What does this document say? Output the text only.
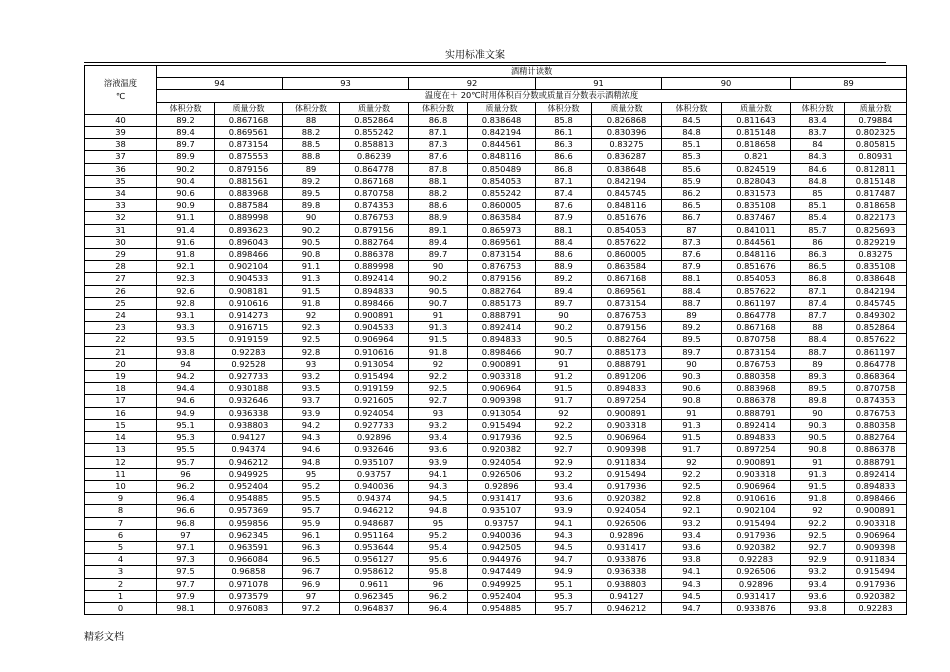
实用标准文案
溶液温度
℃	酒精计读数											
	94		93		92		91		90		89	
	温度在＋ 20℃时用体积百分数或质量百分数表示酒精浓度											
	体积分数	质量分数	体积分数	质量分数	体积分数	质量分数	体积分数	质量分数	体积分数	质量分数	体积分数	质量分数
40	89.2	0.867168	88	0.852864	86.8	0.838648	85.8	0.826868	84.5	0.811643	83.4	0.79884
39	89.4	0.869561	88.2	0.855242	87.1	0.842194	86.1	0.830396	84.8	0.815148	83.7	0.802325
38	89.7	0.873154	88.5	0.858813	87.3	0.844561	86.3	0.83275	85.1	0.818658	84	0.805815
37	89.9	0.875553	88.8	0.86239	87.6	0.848116	86.6	0.836287	85.3	0.821	84.3	0.80931
36	90.2	0.879156	89	0.864778	87.8	0.850489	86.8	0.838648	85.6	0.824519	84.6	0.812811
35	90.4	0.881561	89.2	0.867168	88.1	0.854053	87.1	0.842194	85.9	0.828043	84.8	0.815148
34	90.6	0.883968	89.5	0.870758	88.2	0.855242	87.4	0.845745	86.2	0.831573	85	0.817487
33	90.9	0.887584	89.8	0.874353	88.6	0.860005	87.6	0.848116	86.5	0.835108	85.1	0.818658
32	91.1	0.889998	90	0.876753	88.9	0.863584	87.9	0.851676	86.7	0.837467	85.4	0.822173
31	91.4	0.893623	90.2	0.879156	89.1	0.865973	88.1	0.854053	87	0.841011	85.7	0.825693
30	91.6	0.896043	90.5	0.882764	89.4	0.869561	88.4	0.857622	87.3	0.844561	86	0.829219
29	91.8	0.898466	90.8	0.886378	89.7	0.873154	88.6	0.860005	87.6	0.848116	86.3	0.83275
28	92.1	0.902104	91.1	0.889998	90	0.876753	88.9	0.863584	87.9	0.851676	86.5	0.835108
27	92.3	0.904533	91.3	0.892414	90.2	0.879156	89.2	0.867168	88.1	0.854053	86.8	0.838648
26	92.6	0.908181	91.5	0.894833	90.5	0.882764	89.4	0.869561	88.4	0.857622	87.1	0.842194
25	92.8	0.910616	91.8	0.898466	90.7	0.885173	89.7	0.873154	88.7	0.861197	87.4	0.845745
24	93.1	0.914273	92	0.900891	91	0.888791	90	0.876753	89	0.864778	87.7	0.849302
23	93.3	0.916715	92.3	0.904533	91.3	0.892414	90.2	0.879156	89.2	0.867168	88	0.852864
22	93.5	0.919159	92.5	0.906964	91.5	0.894833	90.5	0.882764	89.5	0.870758	88.4	0.857622
21	93.8	0.92283	92.8	0.910616	91.8	0.898466	90.7	0.885173	89.7	0.873154	88.7	0.861197
20	94	0.92528	93	0.913054	92	0.900891	91	0.888791	90	0.876753	89	0.864778
19	94.2	0.927733	93.2	0.915494	92.2	0.903318	91.2	0.891206	90.3	0.880358	89.3	0.868364
18	94.4	0.930188	93.5	0.919159	92.5	0.906964	91.5	0.894833	90.6	0.883968	89.5	0.870758
17	94.6	0.932646	93.7	0.921605	92.7	0.909398	91.7	0.897254	90.8	0.886378	89.8	0.874353
16	94.9	0.936338	93.9	0.924054	93	0.913054	92	0.900891	91	0.888791	90	0.876753
15	95.1	0.938803	94.2	0.927733	93.2	0.915494	92.2	0.903318	91.3	0.892414	90.3	0.880358
14	95.3	0.94127	94.3	0.92896	93.4	0.917936	92.5	0.906964	91.5	0.894833	90.5	0.882764
13	95.5	0.94374	94.6	0.932646	93.6	0.920382	92.7	0.909398	91.7	0.897254	90.8	0.886378
12	95.7	0.946212	94.8	0.935107	93.9	0.924054	92.9	0.911834	92	0.900891	91	0.888791
11	96	0.949925	95	0.93757	94.1	0.926506	93.2	0.915494	92.2	0.903318	91.3	0.892414
10	96.2	0.952404	95.2	0.940036	94.3	0.92896	93.4	0.917936	92.5	0.906964	91.5	0.894833
9	96.4	0.954885	95.5	0.94374	94.5	0.931417	93.6	0.920382	92.8	0.910616	91.8	0.898466
8	96.6	0.957369	95.7	0.946212	94.8	0.935107	93.9	0.924054	92.1	0.902104	92	0.900891
7	96.8	0.959856	95.9	0.948687	95	0.93757	94.1	0.926506	93.2	0.915494	92.2	0.903318
6	97	0.962345	96.1	0.951164	95.2	0.940036	94.3	0.92896	93.4	0.917936	92.5	0.906964
5	97.1	0.963591	96.3	0.953644	95.4	0.942505	94.5	0.931417	93.6	0.920382	92.7	0.909398
4	97.3	0.966084	96.5	0.956127	95.6	0.944976	94.7	0.933876	93.8	0.92283	92.9	0.911834
3	97.5	0.96858	96.7	0.958612	95.8	0.947449	94.9	0.936338	94.1	0.926506	93.2	0.915494
2	97.7	0.971078	96.9	0.9611	96	0.949925	95.1	0.938803	94.3	0.92896	93.4	0.917936
1	97.9	0.973579	97	0.962345	96.2	0.952404	95.3	0.94127	94.5	0.931417	93.6	0.920382
0	98.1	0.976083	97.2	0.964837	96.4	0.954885	95.7	0.946212	94.7	0.933876	93.8	0.92283
精彩文档
